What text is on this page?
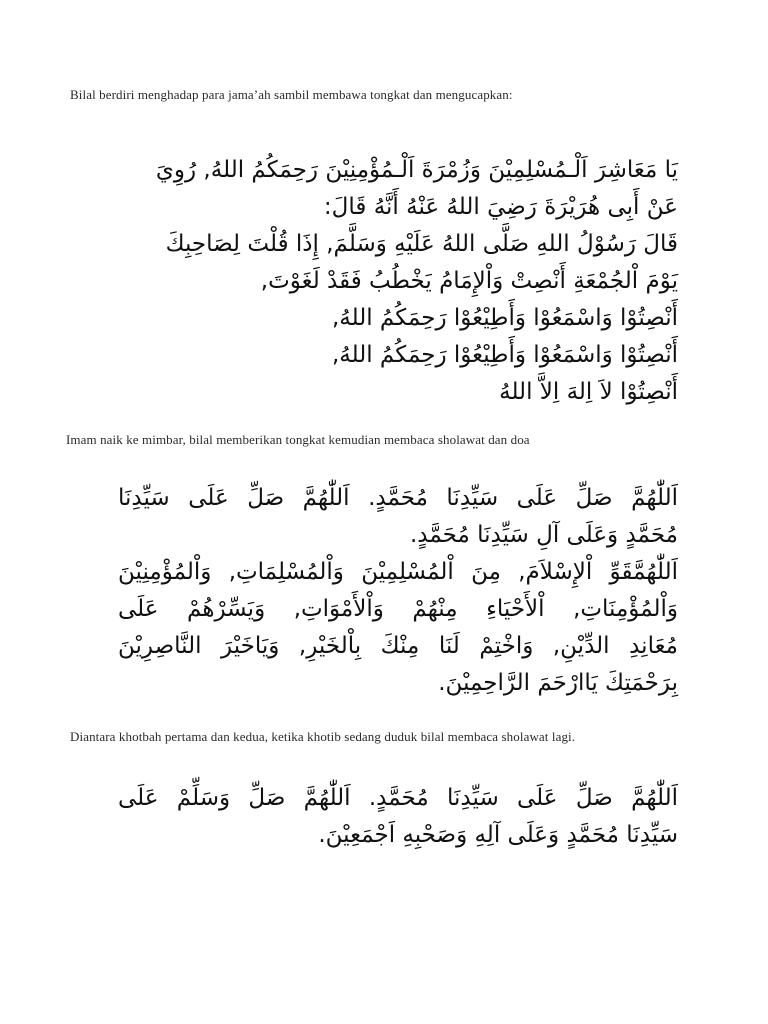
Bilal berdiri menghadap para jama’ah sambil membawa tongkat dan mengucapkan:
يَا مَعَاشِرَ اَلْـمُسْلِمِيْنَ وَزُمْرَةَ اَلْـمُؤْمِنِيْنَ رَحِمَكُمُ اللهُ, رُوِيَ
عَنْ أَبِى هُرَيْرَةَ رَضِيَ اللهُ عَنْهُ أَنَّهُ قَالَ:
قَالَ رَسُوْلُ اللهِ صَلَّى اللهُ عَلَيْهِ وَسَلَّمَ, إِذَا قُلْتَ لِصَاحِبِكَ
يَوْمَ اْلجُمْعَةِ أَنْصِتْ وَاْلإِمَامُ يَخْطُبُ فَقَدْ لَغَوْتَ,
أَنْصِتُوْا وَاسْمَعُوْا وَأَطِيْعُوْا رَحِمَكُمُ اللهُ,
أَنْصِتُوْا وَاسْمَعُوْا وَأَطِيْعُوْا رَحِمَكُمُ اللهُ,
أَنْصِتُوْا لاَ اِلهَ اِلاَّ اللهُ
Imam naik ke mimbar, bilal memberikan tongkat kemudian membaca sholawat dan doa
اَللّٰهُمَّ صَلِّ عَلَى سَيِّدِنَا مُحَمَّدٍ. اَللّٰهُمَّ صَلِّ عَلَى سَيِّدِنَا
مُحَمَّدٍ وَعَلَى آلِ سَيِّدِنَا مُحَمَّدٍ.
اَللّٰهُمَّقَوِّ اْلإِسْلاَمَ, مِنَ اْلمُسْلِمِيْنَ وَاْلمُسْلِمَاتِ, وَاْلمُؤْمِنِيْنَ
وَاْلمُؤْمِنَاتِ, اْلأَحْيَاءِ مِنْهُمْ وَاْلأَمْوَاتِ, وَيَسِّرْهُمْ عَلَى
مُعَانِدِ الدِّيْنِ, وَاخْتِمْ لَنَا مِنْكَ بِاْلخَيْرِ, وَيَاخَيْرَ النَّاصِرِيْنَ
بِرَحْمَتِكَ يَاارْحَمَ الرَّاحِمِيْنَ.
Diantara khotbah pertama dan kedua, ketika khotib sedang duduk bilal membaca sholawat lagi.
اَللّٰهُمَّ صَلِّ عَلَى سَيِّدِنَا مُحَمَّدٍ. اَللّٰهُمَّ صَلِّ وَسَلِّمْ عَلَى
سَيِّدِنَا مُحَمَّدٍ وَعَلَى آلِهِ وَصَحْبِهِ اَجْمَعِيْنَ.
